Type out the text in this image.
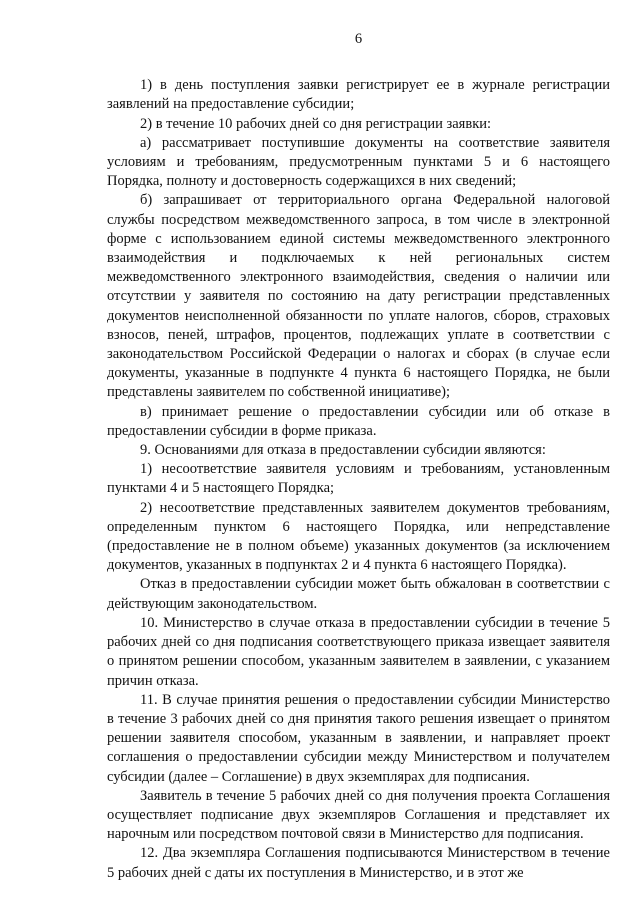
6

1) в день поступления заявки регистрирует ее в журнале регистрации заявлений на предоставление субсидии;

2) в течение 10 рабочих дней со дня регистрации заявки:

а) рассматривает поступившие документы на соответствие заявителя условиям и требованиям, предусмотренным пунктами 5 и 6 настоящего Порядка, полноту и достоверность содержащихся в них сведений;

б) запрашивает от территориального органа Федеральной налоговой службы посредством межведомственного запроса, в том числе в электронной форме с использованием единой системы межведомственного электронного взаимодействия и подключаемых к ней региональных систем межведомственного электронного взаимодействия, сведения о наличии или отсутствии у заявителя по состоянию на дату регистрации представленных документов неисполненной обязанности по уплате налогов, сборов, страховых взносов, пеней, штрафов, процентов, подлежащих уплате в соответствии с законодательством Российской Федерации о налогах и сборах (в случае если документы, указанные в подпункте 4 пункта 6 настоящего Порядка, не были представлены заявителем по собственной инициативе);

в) принимает решение о предоставлении субсидии или об отказе в предоставлении субсидии в форме приказа.

9. Основаниями для отказа в предоставлении субсидии являются:

1) несоответствие заявителя условиям и требованиям, установленным пунктами 4 и 5 настоящего Порядка;

2) несоответствие представленных заявителем документов требованиям, определенным пунктом 6 настоящего Порядка, или непредставление (предоставление не в полном объеме) указанных документов (за исключением документов, указанных в подпунктах 2 и 4 пункта 6 настоящего Порядка).

Отказ в предоставлении субсидии может быть обжалован в соответствии с действующим законодательством.

10. Министерство в случае отказа в предоставлении субсидии в течение 5 рабочих дней со дня подписания соответствующего приказа извещает заявителя о принятом решении способом, указанным заявителем в заявлении, с указанием причин отказа.

11. В случае принятия решения о предоставлении субсидии Министерство в течение 3 рабочих дней со дня принятия такого решения извещает о принятом решении заявителя способом, указанным в заявлении, и направляет проект соглашения о предоставлении субсидии между Министерством и получателем субсидии (далее – Соглашение) в двух экземплярах для подписания.

Заявитель в течение 5 рабочих дней со дня получения проекта Соглашения осуществляет подписание двух экземпляров Соглашения и представляет их нарочным или посредством почтовой связи в Министерство для подписания.

12. Два экземпляра Соглашения подписываются Министерством в течение 5 рабочих дней с даты их поступления в Министерство, и в этот же
